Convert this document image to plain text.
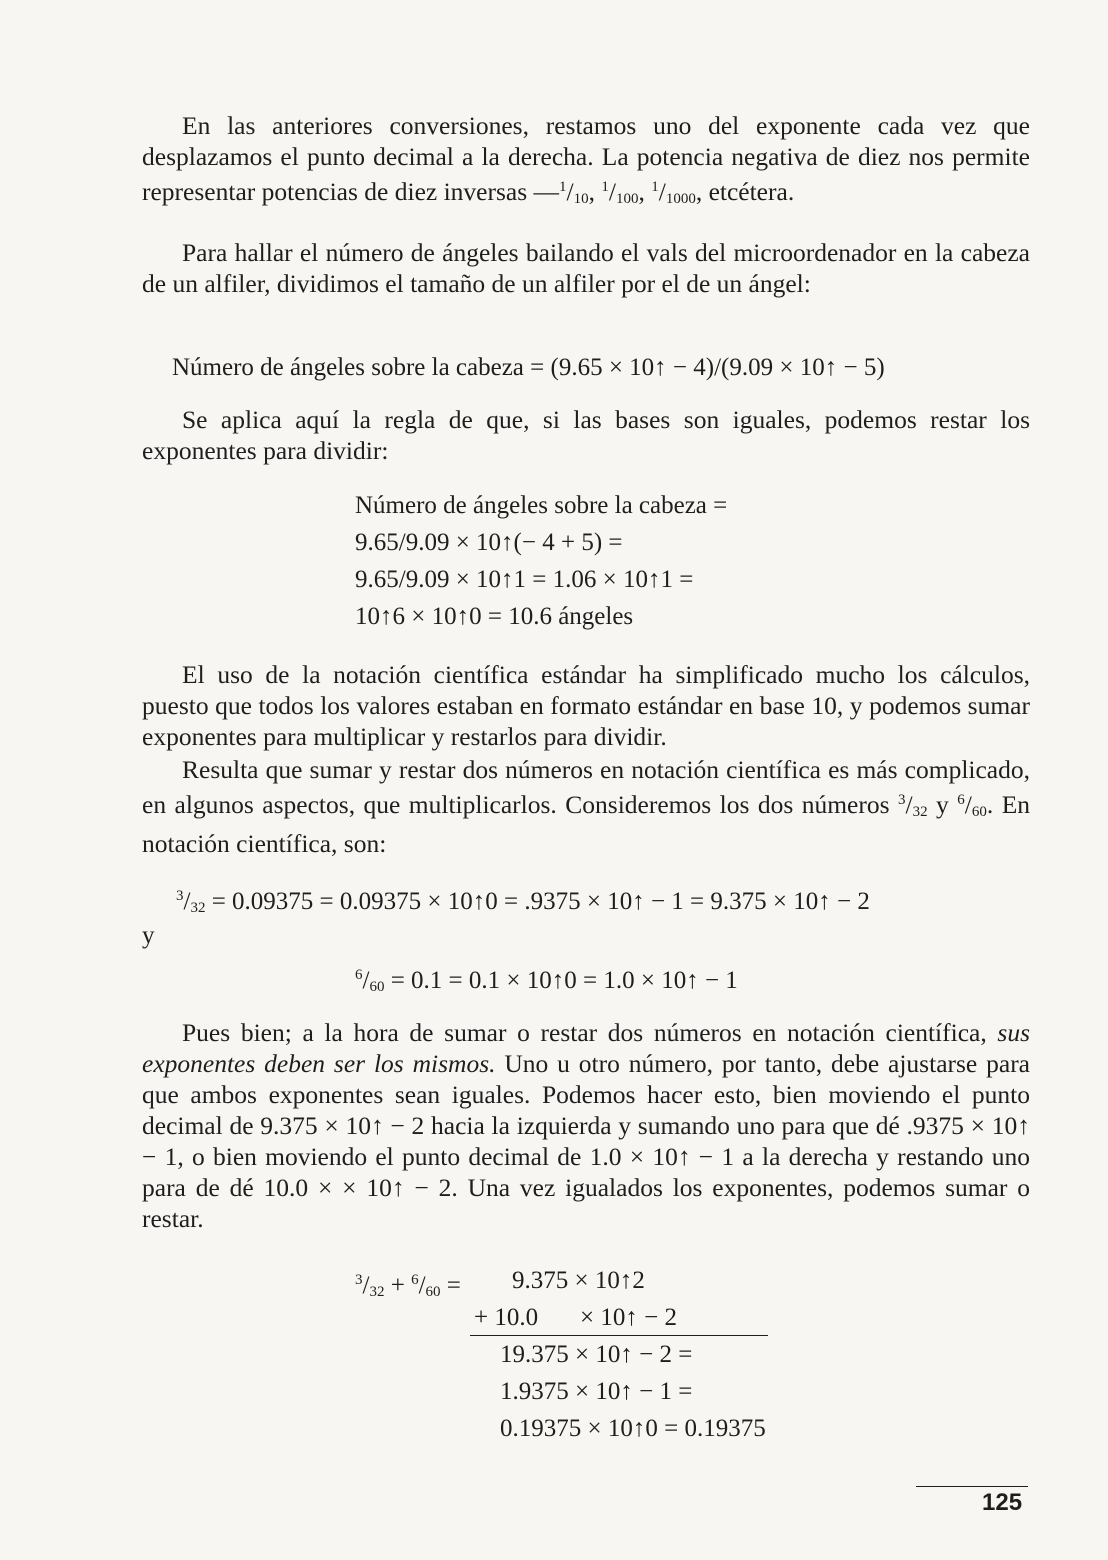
En las anteriores conversiones, restamos uno del exponente cada vez que desplazamos el punto decimal a la derecha. La potencia negativa de diez nos permite representar potencias de diez inversas —$^1$/10, $^1$/100, $^1$/1000, etcétera.

Para hallar el número de ángeles bailando el vals del microordenador en la cabeza de un alfiler, dividimos el tamaño de un alfiler por el de un ángel:

Número de ángeles sobre la cabeza = (9.65 × 10↑ − 4)/(9.09 × 10↑ − 5)

Se aplica aquí la regla de que, si las bases son iguales, podemos restar los exponentes para dividir:

Número de ángeles sobre la cabeza =
9.65/9.09 × 10↑(− 4 + 5) =
9.65/9.09 × 10↑1 = 1.06 × 10↑1 =
10↑6 × 10↑0 = 10.6 ángeles

El uso de la notación científica estándar ha simplificado mucho los cálculos, puesto que todos los valores estaban en formato estándar en base 10, y podemos sumar exponentes para multiplicar y restarlos para dividir.

Resulta que sumar y restar dos números en notación científica es más complicado, en algunos aspectos, que multiplicarlos. Consideremos los dos números $^3$/32 y $^6$/60. En notación científica, son:

$^3$/32 = 0.09375 = 0.09375 × 10↑0 = .9375 × 10↑ − 1 = 9.375 × 10↑ − 2
y
$^6$/60 = 0.1 = 0.1 × 10↑0 = 1.0 × 10↑ − 1

Pues bien; a la hora de sumar o restar dos números en notación científica, sus exponentes deben ser los mismos. Uno u otro número, por tanto, debe ajustarse para que ambos exponentes sean iguales. Podemos hacer esto, bien moviendo el punto decimal de 9.375 × 10↑ − 2 hacia la izquierda y sumando uno para que dé .9375 × 10↑ − 1, o bien moviendo el punto decimal de 1.0 × 10↑ − 1 a la derecha y restando uno para de dé 10.0 × × 10↑ − 2. Una vez igualados los exponentes, podemos sumar o restar.

$^3$/32 + $^6$/60 = 9.375 × 10↑2
+ 10.0 × 10↑ − 2
19.375 × 10↑ − 2 =
1.9375 × 10↑ − 1 =
0.19375 × 10↑0 = 0.19375
125
